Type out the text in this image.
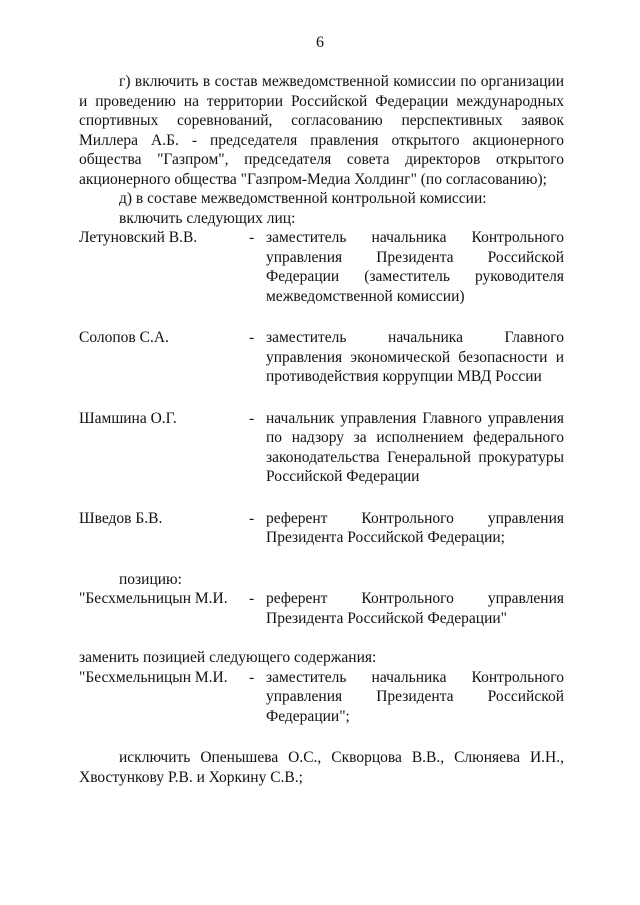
6

г) включить в состав межведомственной комиссии по организации и проведению на территории Российской Федерации международных спортивных соревнований, согласованию перспективных заявок Миллера А.Б. - председателя правления открытого акционерного общества "Газпром", председателя совета директоров открытого акционерного общества "Газпром-Медиа Холдинг" (по согласованию);

д) в составе межведомственной контрольной комиссии:

включить следующих лиц:

Летуновский В.В.	- заместитель начальника Контрольного управления Президента Российской Федерации (заместитель руководителя межведомственной комиссии)
Солопов С.А.	- заместитель начальника Главного управления экономической безопасности и противодействия коррупции МВД России
Шамшина О.Г.	- начальник управления Главного управления по надзору за исполнением федерального законодательства Генеральной прокуратуры Российской Федерации
Шведов Б.В.	- референт Контрольного управления Президента Российской Федерации;

позицию:

"Бесхмельницын М.И.	- референт Контрольного управления Президента Российской Федерации"

заменить позицией следующего содержания:

"Бесхмельницын М.И.	- заместитель начальника Контрольного управления Президента Российской Федерации";

исключить Опенышева О.С., Скворцова В.В., Слюняева И.Н., Хвостункову Р.В. и Хоркину С.В.;
